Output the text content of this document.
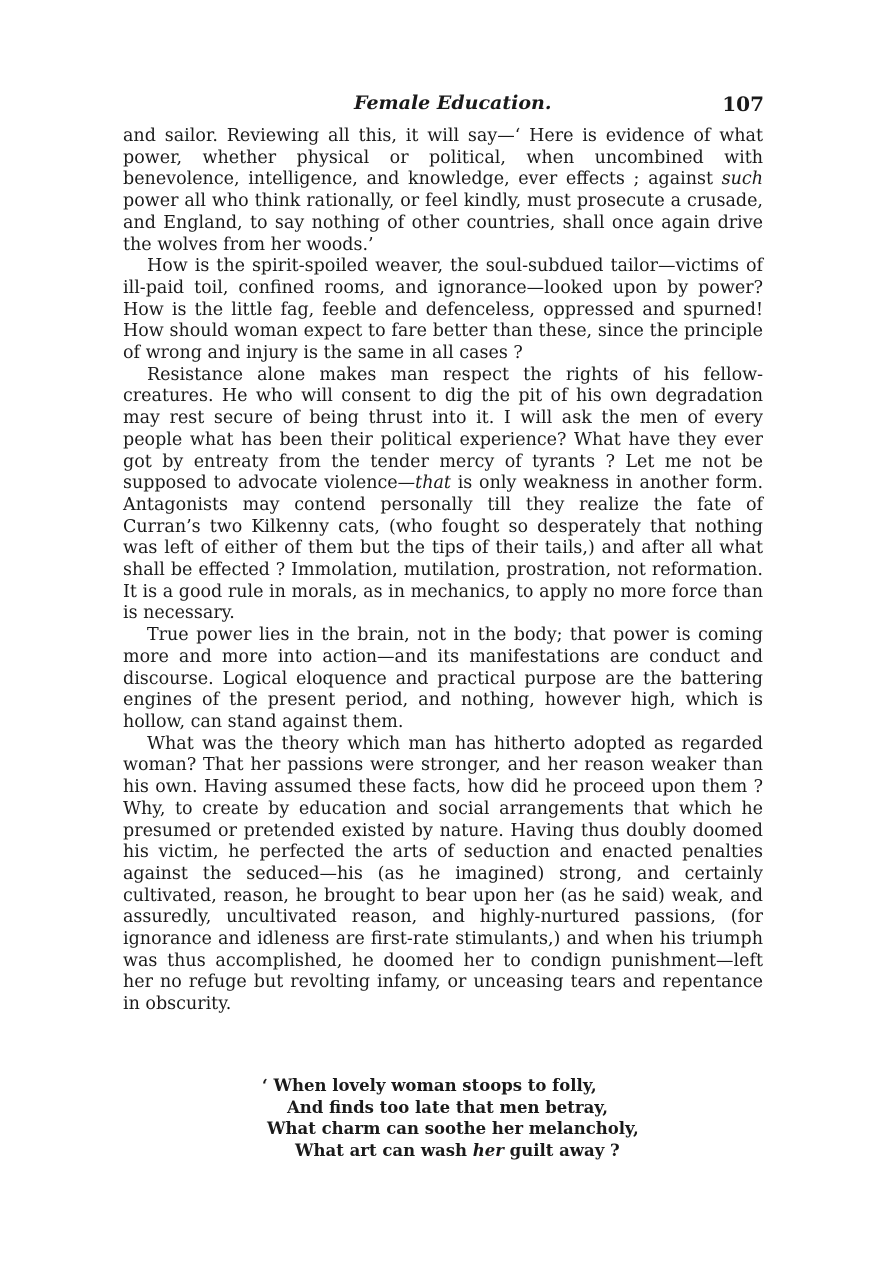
Female Education.	107

and sailor. Reviewing all this, it will say—‘ Here is evidence of what power, whether physical or political, when uncombined with benevolence, intelligence, and knowledge, ever effects ; against such power all who think rationally, or feel kindly, must prosecute a crusade, and England, to say nothing of other countries, shall once again drive the wolves from her woods.’

How is the spirit-spoiled weaver, the soul-subdued tailor—victims of ill-paid toil, confined rooms, and ignorance—looked upon by power? How is the little fag, feeble and defenceless, oppressed and spurned! How should woman expect to fare better than these, since the principle of wrong and injury is the same in all cases ?

Resistance alone makes man respect the rights of his fellow-creatures. He who will consent to dig the pit of his own degradation may rest secure of being thrust into it. I will ask the men of every people what has been their political experience? What have they ever got by entreaty from the tender mercy of tyrants ? Let me not be supposed to advocate violence—that is only weakness in another form. Antagonists may contend personally till they realize the fate of Curran’s two Kilkenny cats, (who fought so desperately that nothing was left of either of them but the tips of their tails,) and after all what shall be effected ? Immolation, mutilation, prostration, not reformation. It is a good rule in morals, as in mechanics, to apply no more force than is necessary.

True power lies in the brain, not in the body; that power is coming more and more into action—and its manifestations are conduct and discourse. Logical eloquence and practical purpose are the battering engines of the present period, and nothing, however high, which is hollow, can stand against them.

What was the theory which man has hitherto adopted as regarded woman? That her passions were stronger, and her reason weaker than his own. Having assumed these facts, how did he proceed upon them ? Why, to create by education and social arrangements that which he presumed or pretended existed by nature. Having thus doubly doomed his victim, he perfected the arts of seduction and enacted penalties against the seduced—his (as he imagined) strong, and certainly cultivated, reason, he brought to bear upon her (as he said) weak, and assuredly, uncultivated reason, and highly-nurtured passions, (for ignorance and idleness are first-rate stimulants,) and when his triumph was thus accomplished, he doomed her to condign punishment—left her no refuge but revolting infamy, or unceasing tears and repentance in obscurity.

‘ When lovely woman stoops to folly,
And finds too late that men betray,
What charm can soothe her melancholy,
What art can wash her guilt away ?
